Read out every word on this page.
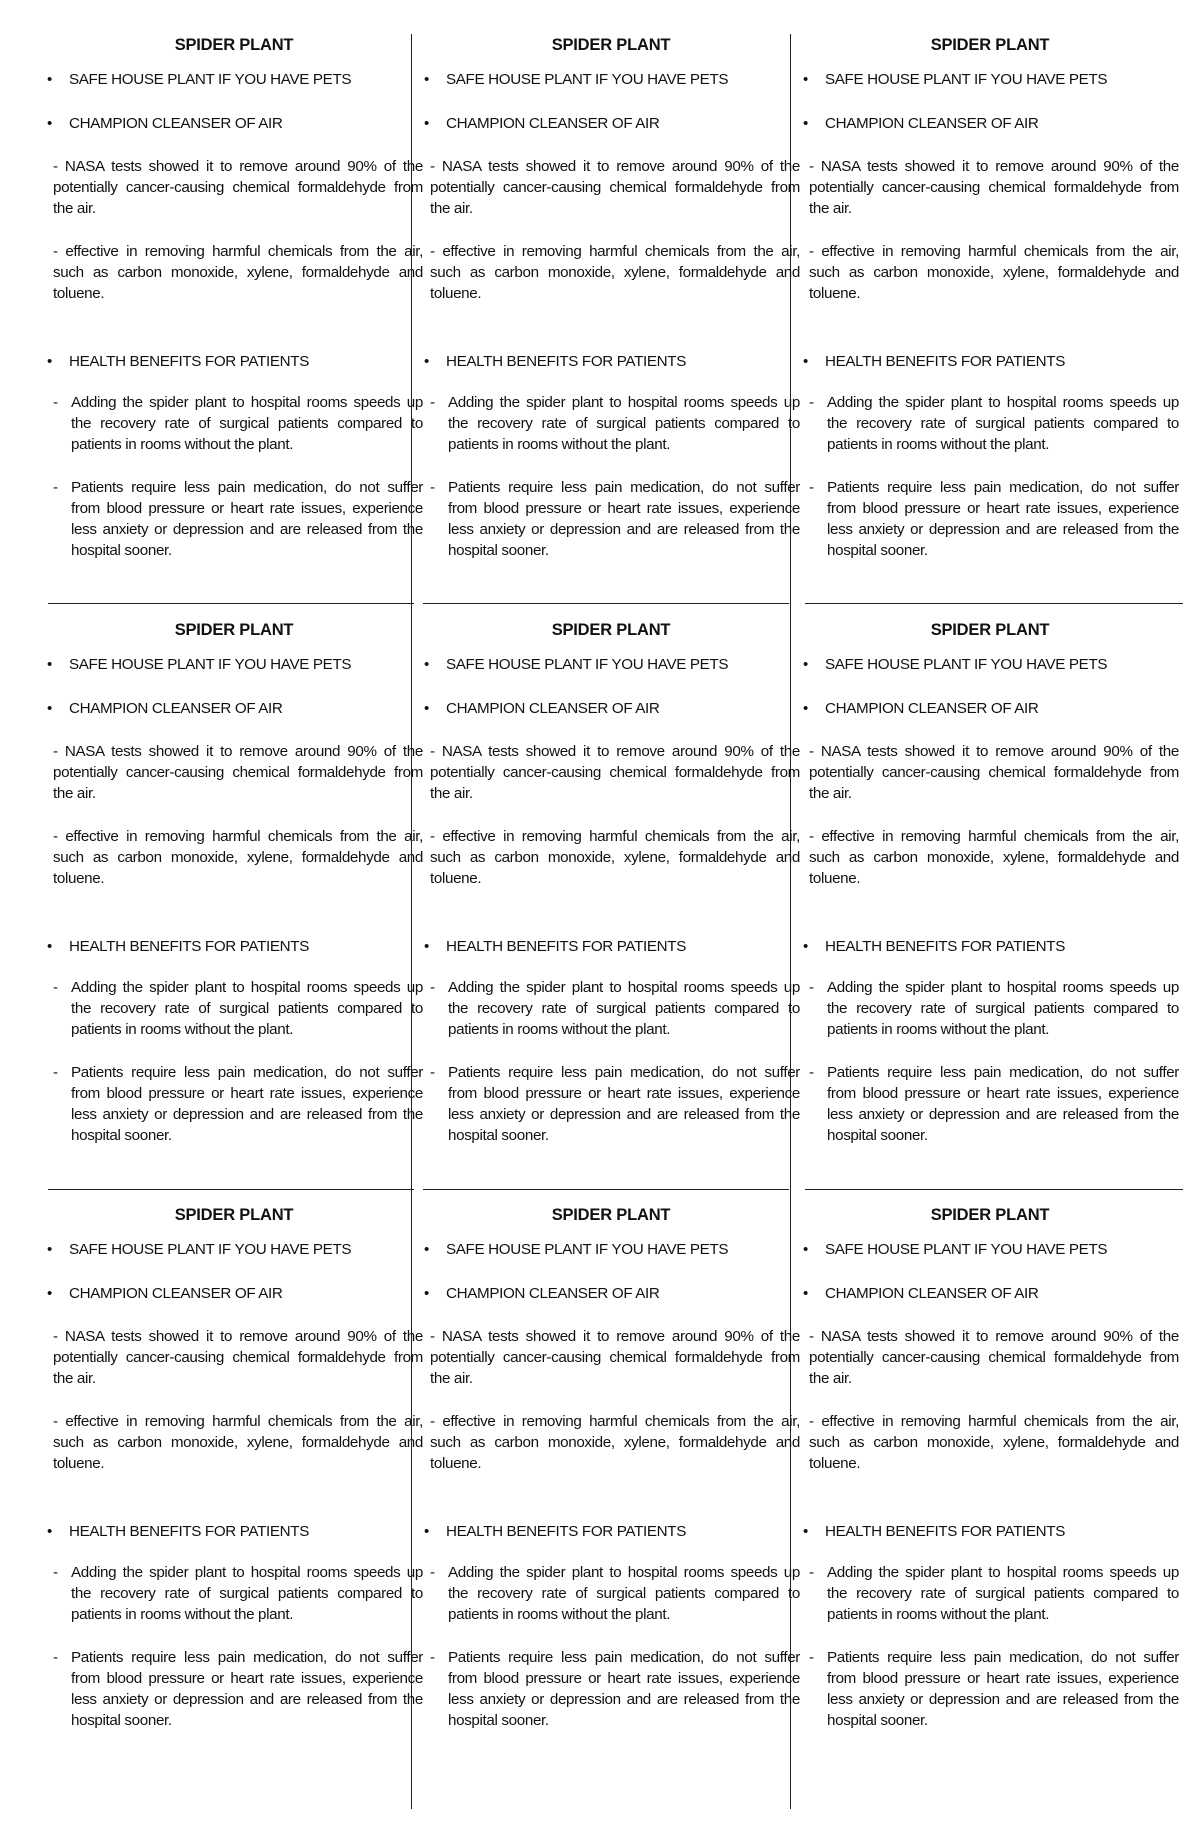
SPIDER PLANT

• SAFE HOUSE PLANT IF YOU HAVE PETS

• CHAMPION CLEANSER OF AIR

- NASA tests showed it to remove around 90% of the potentially cancer-causing chemical formaldehyde from the air.

- effective in removing harmful chemicals from the air, such as carbon monoxide, xylene, formaldehyde and toluene.

• HEALTH BENEFITS FOR PATIENTS

- Adding the spider plant to hospital rooms speeds up the recovery rate of surgical patients compared to patients in rooms without the plant.

- Patients require less pain medication, do not suffer from blood pressure or heart rate issues, experience less anxiety or depression and are released from the hospital sooner.

SPIDER PLANT

• SAFE HOUSE PLANT IF YOU HAVE PETS

• CHAMPION CLEANSER OF AIR

- NASA tests showed it to remove around 90% of the potentially cancer-causing chemical formaldehyde from the air.

- effective in removing harmful chemicals from the air, such as carbon monoxide, xylene, formaldehyde and toluene.

• HEALTH BENEFITS FOR PATIENTS

- Adding the spider plant to hospital rooms speeds up the recovery rate of surgical patients compared to patients in rooms without the plant.

- Patients require less pain medication, do not suffer from blood pressure or heart rate issues, experience less anxiety or depression and are released from the hospital sooner.

SPIDER PLANT

• SAFE HOUSE PLANT IF YOU HAVE PETS

• CHAMPION CLEANSER OF AIR

- NASA tests showed it to remove around 90% of the potentially cancer-causing chemical formaldehyde from the air.

- effective in removing harmful chemicals from the air, such as carbon monoxide, xylene, formaldehyde and toluene.

• HEALTH BENEFITS FOR PATIENTS

- Adding the spider plant to hospital rooms speeds up the recovery rate of surgical patients compared to patients in rooms without the plant.

- Patients require less pain medication, do not suffer from blood pressure or heart rate issues, experience less anxiety or depression and are released from the hospital sooner.

SPIDER PLANT

• SAFE HOUSE PLANT IF YOU HAVE PETS

• CHAMPION CLEANSER OF AIR

- NASA tests showed it to remove around 90% of the potentially cancer-causing chemical formaldehyde from the air.

- effective in removing harmful chemicals from the air, such as carbon monoxide, xylene, formaldehyde and toluene.

• HEALTH BENEFITS FOR PATIENTS

- Adding the spider plant to hospital rooms speeds up the recovery rate of surgical patients compared to patients in rooms without the plant.

- Patients require less pain medication, do not suffer from blood pressure or heart rate issues, experience less anxiety or depression and are released from the hospital sooner.

SPIDER PLANT

• SAFE HOUSE PLANT IF YOU HAVE PETS

• CHAMPION CLEANSER OF AIR

- NASA tests showed it to remove around 90% of the potentially cancer-causing chemical formaldehyde from the air.

- effective in removing harmful chemicals from the air, such as carbon monoxide, xylene, formaldehyde and toluene.

• HEALTH BENEFITS FOR PATIENTS

- Adding the spider plant to hospital rooms speeds up the recovery rate of surgical patients compared to patients in rooms without the plant.

- Patients require less pain medication, do not suffer from blood pressure or heart rate issues, experience less anxiety or depression and are released from the hospital sooner.

SPIDER PLANT

• SAFE HOUSE PLANT IF YOU HAVE PETS

• CHAMPION CLEANSER OF AIR

- NASA tests showed it to remove around 90% of the potentially cancer-causing chemical formaldehyde from the air.

- effective in removing harmful chemicals from the air, such as carbon monoxide, xylene, formaldehyde and toluene.

• HEALTH BENEFITS FOR PATIENTS

- Adding the spider plant to hospital rooms speeds up the recovery rate of surgical patients compared to patients in rooms without the plant.

- Patients require less pain medication, do not suffer from blood pressure or heart rate issues, experience less anxiety or depression and are released from the hospital sooner.

SPIDER PLANT

• SAFE HOUSE PLANT IF YOU HAVE PETS

• CHAMPION CLEANSER OF AIR

- NASA tests showed it to remove around 90% of the potentially cancer-causing chemical formaldehyde from the air.

- effective in removing harmful chemicals from the air, such as carbon monoxide, xylene, formaldehyde and toluene.

• HEALTH BENEFITS FOR PATIENTS

- Adding the spider plant to hospital rooms speeds up the recovery rate of surgical patients compared to patients in rooms without the plant.

- Patients require less pain medication, do not suffer from blood pressure or heart rate issues, experience less anxiety or depression and are released from the hospital sooner.

SPIDER PLANT

• SAFE HOUSE PLANT IF YOU HAVE PETS

• CHAMPION CLEANSER OF AIR

- NASA tests showed it to remove around 90% of the potentially cancer-causing chemical formaldehyde from the air.

- effective in removing harmful chemicals from the air, such as carbon monoxide, xylene, formaldehyde and toluene.

• HEALTH BENEFITS FOR PATIENTS

- Adding the spider plant to hospital rooms speeds up the recovery rate of surgical patients compared to patients in rooms without the plant.

- Patients require less pain medication, do not suffer from blood pressure or heart rate issues, experience less anxiety or depression and are released from the hospital sooner.

SPIDER PLANT

• SAFE HOUSE PLANT IF YOU HAVE PETS

• CHAMPION CLEANSER OF AIR

- NASA tests showed it to remove around 90% of the potentially cancer-causing chemical formaldehyde from the air.

- effective in removing harmful chemicals from the air, such as carbon monoxide, xylene, formaldehyde and toluene.

• HEALTH BENEFITS FOR PATIENTS

- Adding the spider plant to hospital rooms speeds up the recovery rate of surgical patients compared to patients in rooms without the plant.

- Patients require less pain medication, do not suffer from blood pressure or heart rate issues, experience less anxiety or depression and are released from the hospital sooner.
